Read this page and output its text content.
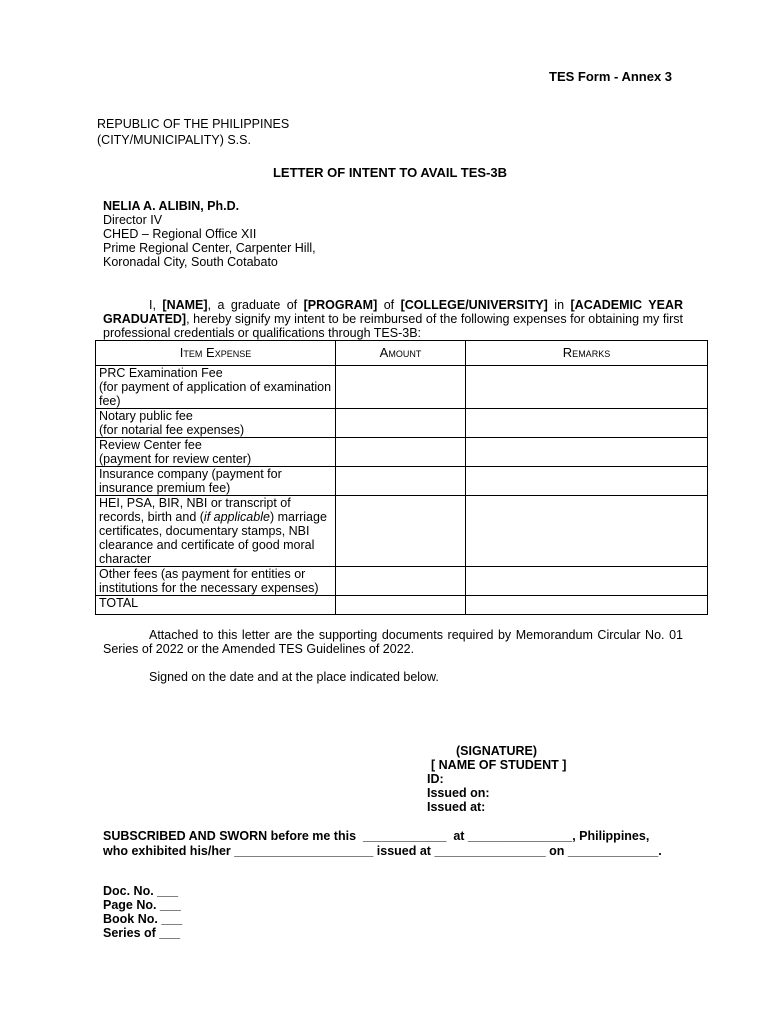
TES Form - Annex 3
REPUBLIC OF THE PHILIPPINES
(CITY/MUNICIPALITY) S.S.
LETTER OF INTENT TO AVAIL TES-3B
NELIA A. ALIBIN, Ph.D.
Director IV
CHED – Regional Office XII
Prime Regional Center, Carpenter Hill,
Koronadal City, South Cotabato
I, [NAME], a graduate of [PROGRAM] of [COLLEGE/UNIVERSITY] in [ACADEMIC YEAR GRADUATED], hereby signify my intent to be reimbursed of the following expenses for obtaining my first professional credentials or qualifications through TES-3B:
Item Expense	Amount	Remarks
PRC Examination Fee
(for payment of application of examination fee)		
Notary public fee
(for notarial fee expenses)		
Review Center fee
(payment for review center)		
Insurance company (payment for insurance premium fee)		
HEI, PSA, BIR, NBI or transcript of records, birth and (if applicable) marriage certificates, documentary stamps, NBI clearance and certificate of good moral character		
Other fees (as payment for entities or institutions for the necessary expenses)		
TOTAL		
Attached to this letter are the supporting documents required by Memorandum Circular No. 01 Series of 2022 or the Amended TES Guidelines of 2022.
Signed on the date and at the place indicated below.
(SIGNATURE)
[ NAME OF STUDENT ]
ID:
Issued on:
Issued at:
SUBSCRIBED AND SWORN before me this  ____________  at _______________, Philippines,
who exhibited his/her ____________________ issued at ________________ on _____________.
Doc. No. ___
Page No. ___
Book No. ___
Series of ___
